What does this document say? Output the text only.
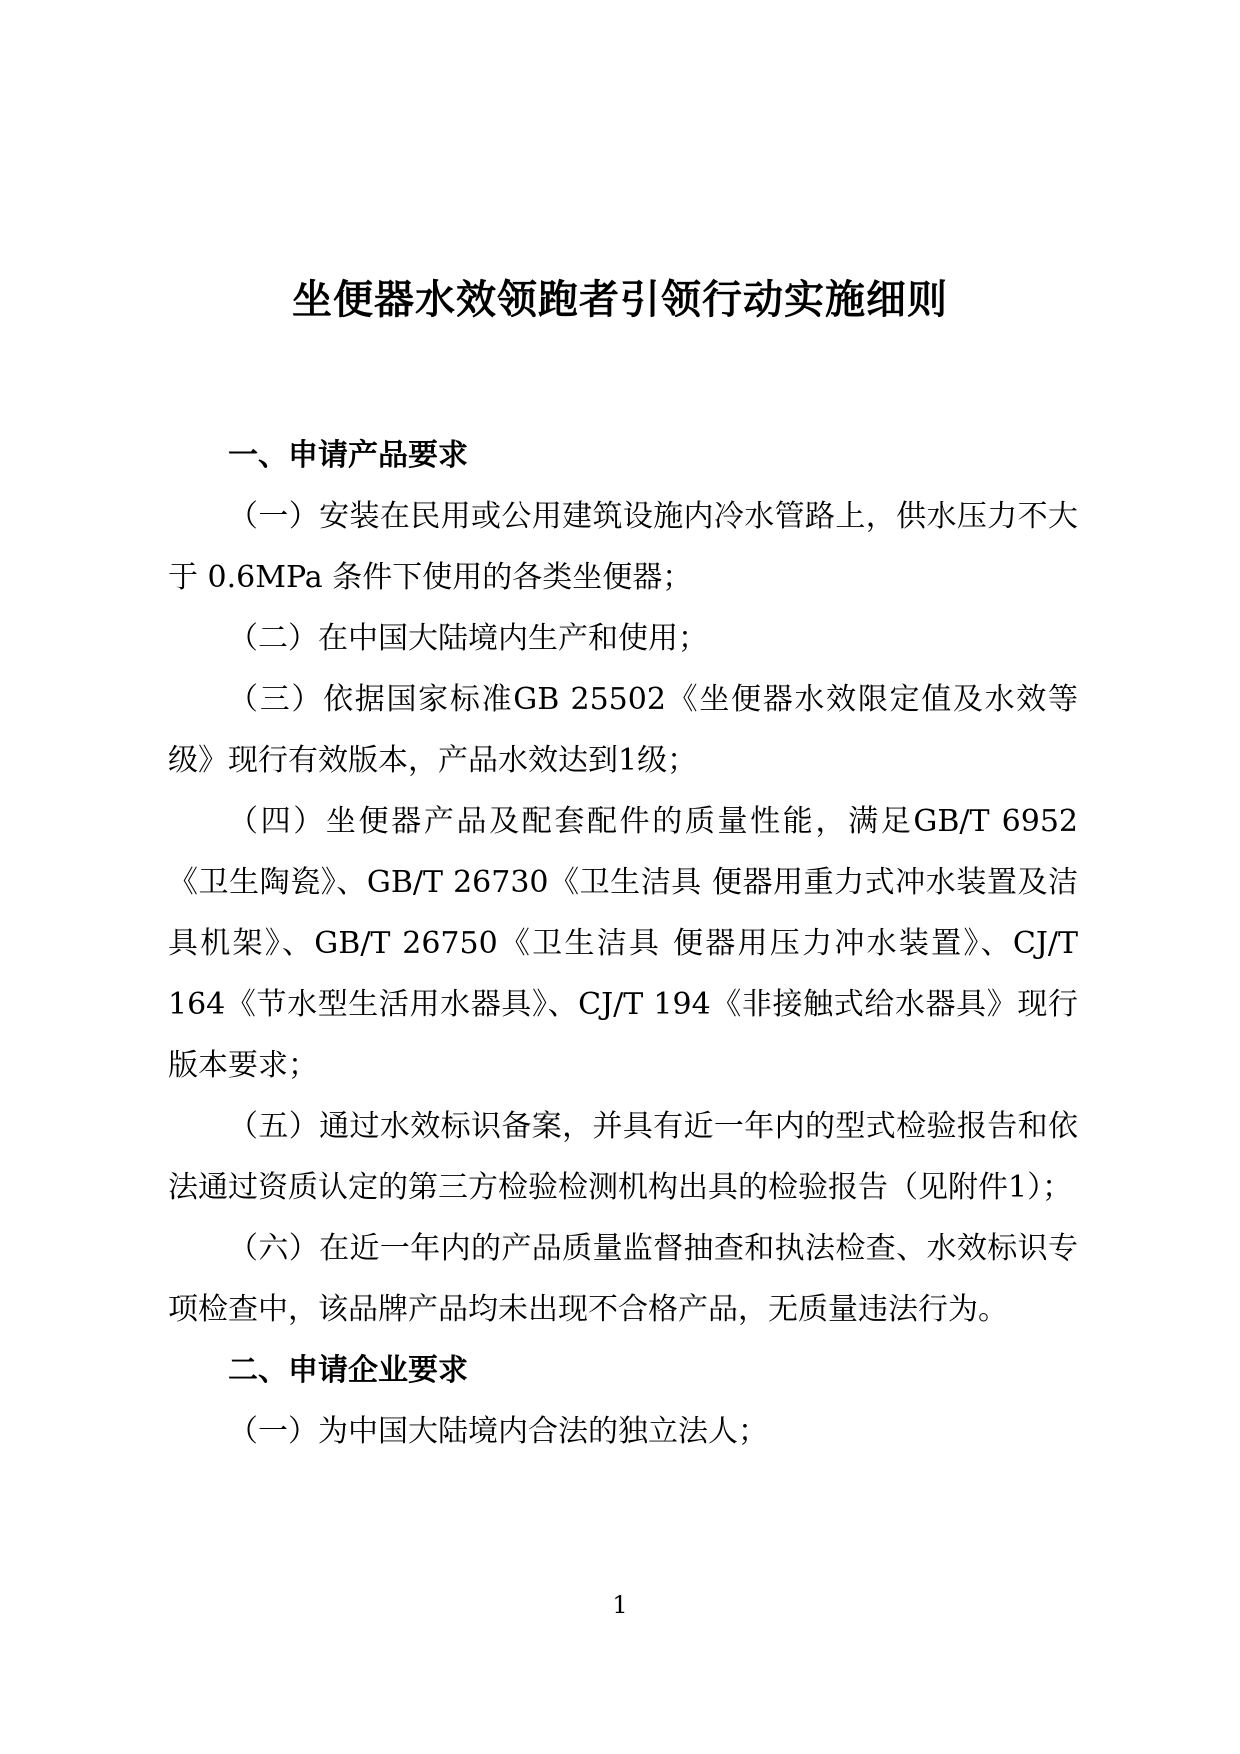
坐便器水效领跑者引领行动实施细则

一、申请产品要求

（一）安装在民用或公用建筑设施内冷水管路上，供水压力不大于 0.6MPa 条件下使用的各类坐便器；

（二）在中国大陆境内生产和使用；

（三）依据国家标准GB 25502《坐便器水效限定值及水效等级》现行有效版本，产品水效达到1级；

（四）坐便器产品及配套配件的质量性能，满足GB/T 6952《卫生陶瓷》、GB/T 26730《卫生洁具 便器用重力式冲水装置及洁具机架》、GB/T 26750《卫生洁具 便器用压力冲水装置》、CJ/T 164《节水型生活用水器具》、CJ/T 194《非接触式给水器具》现行版本要求；

（五）通过水效标识备案，并具有近一年内的型式检验报告和依法通过资质认定的第三方检验检测机构出具的检验报告（见附件1）；

（六）在近一年内的产品质量监督抽查和执法检查、水效标识专项检查中，该品牌产品均未出现不合格产品，无质量违法行为。

二、申请企业要求

（一）为中国大陆境内合法的独立法人；

1
